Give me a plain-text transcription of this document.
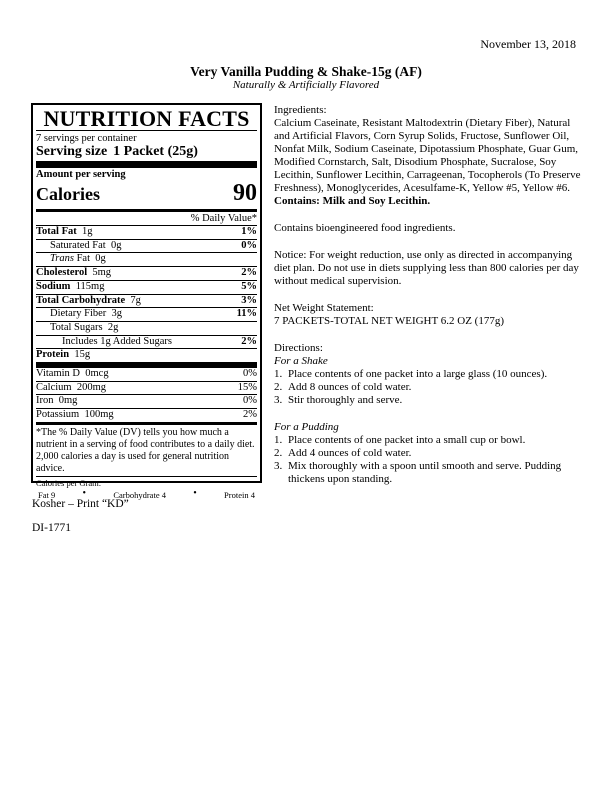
November 13, 2018
Very Vanilla Pudding & Shake-15g (AF)
Naturally & Artificially Flavored
NUTRITION FACTS
7 servings per container
Serving size 1 Packet (25g)
Amount per serving
Calories	90
% Daily Value*
Total Fat 1g	1%
Saturated Fat 0g	0%
Trans Fat 0g
Cholesterol 5mg	2%
Sodium 115mg	5%
Total Carbohydrate 7g	3%
Dietary Fiber 3g	11%
Total Sugars 2g
Includes 1g Added Sugars	2%
Protein 15g
Vitamin D 0mcg	0%
Calcium 200mg	15%
Iron 0mg	0%
Potassium 100mg	2%
*The % Daily Value (DV) tells you how much a nutrient in a serving of food contributes to a daily diet. 2,000 calories a day is used for general nutrition advice.
Calories per Gram:
Fat 9	•	Carbohydrate 4	•	Protein 4
Kosher – Print “KD”
DI-1771

Ingredients:

Calcium Caseinate, Resistant Maltodextrin (Dietary Fiber), Natural and Artificial Flavors, Corn Syrup Solids, Fructose, Sunflower Oil, Nonfat Milk, Sodium Caseinate, Dipotassium Phosphate, Guar Gum, Modified Cornstarch, Salt, Disodium Phosphate, Sucralose, Soy Lecithin, Sunflower Lecithin, Carrageenan, Tocopherols (To Preserve Freshness), Monoglycerides, Acesulfame-K, Yellow #5, Yellow #6.

Contains: Milk and Soy Lecithin.

Contains bioengineered food ingredients.

Notice: For weight reduction, use only as directed in accompanying diet plan. Do not use in diets supplying less than 800 calories per day without medical supervision.

Net Weight Statement:

7 PACKETS-TOTAL NET WEIGHT 6.2 OZ (177g)

Directions:

For a Shake

1. Place contents of one packet into a large glass (10 ounces).
2. Add 8 ounces of cold water.
3. Stir thoroughly and serve.

For a Pudding

1. Place contents of one packet into a small cup or bowl.
2. Add 4 ounces of cold water.
3. Mix thoroughly with a spoon until smooth and serve. Pudding thickens upon standing.
